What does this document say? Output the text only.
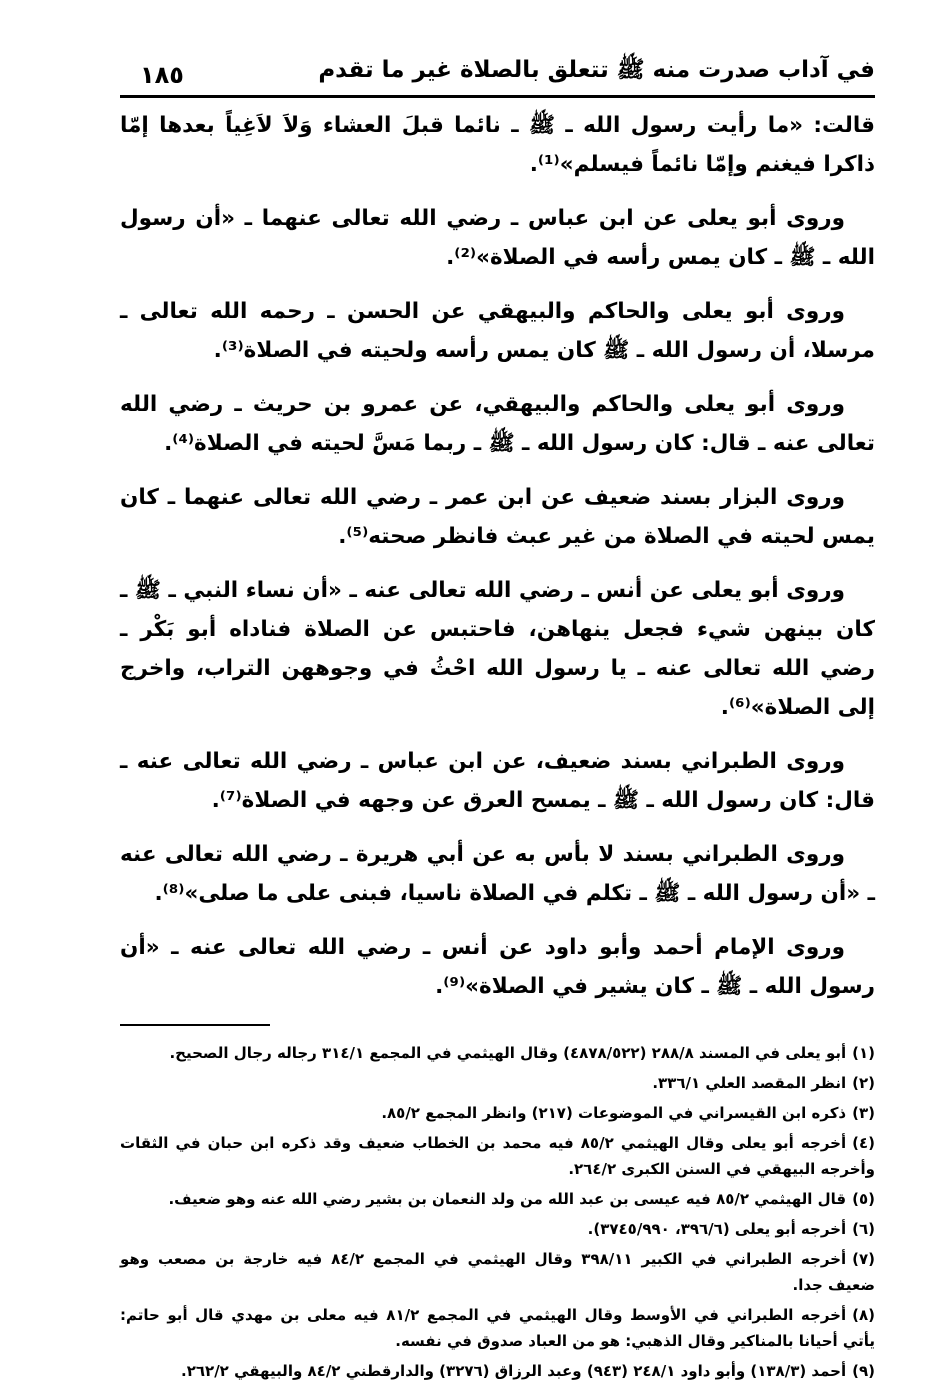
في آداب صدرت منه ﷺ تتعلق بالصلاة غير ما تقدم
١٨٥

قالت: «ما رأيت رسول الله ـ ﷺ ـ نائما قبلَ العشاء وَلاَ لاَغِياً بعدها إمّا ذاكرا فيغنم وإمّا نائماً فيسلم»⁽¹⁾.

وروى أبو يعلى عن ابن عباس ـ رضي الله تعالى عنهما ـ «أن رسول الله ـ ﷺ ـ كان يمس رأسه في الصلاة»⁽²⁾.

وروى أبو يعلى والحاكم والبيهقي عن الحسن ـ رحمه الله تعالى ـ مرسلا، أن رسول الله ـ ﷺ كان يمس رأسه ولحيته في الصلاة⁽³⁾.

وروى أبو يعلى والحاكم والبيهقي، عن عمرو بن حريث ـ رضي الله تعالى عنه ـ قال: كان رسول الله ـ ﷺ ـ ربما مَسَّ لحيته في الصلاة⁽⁴⁾.

وروى البزار بسند ضعيف عن ابن عمر ـ رضي الله تعالى عنهما ـ كان يمس لحيته في الصلاة من غير عبث فانظر صحته⁽⁵⁾.

وروى أبو يعلى عن أنس ـ رضي الله تعالى عنه ـ «أن نساء النبي ـ ﷺ ـ كان بينهن شيء فجعل ينهاهن، فاحتبس عن الصلاة فناداه أبو بَكْر ـ رضي الله تعالى عنه ـ يا رسول الله احْثُ في وجوههن التراب، واخرج إلى الصلاة»⁽⁶⁾.

وروى الطبراني بسند ضعيف، عن ابن عباس ـ رضي الله تعالى عنه ـ قال: كان رسول الله ـ ﷺ ـ يمسح العرق عن وجهه في الصلاة⁽⁷⁾.

وروى الطبراني بسند لا بأس به عن أبي هريرة ـ رضي الله تعالى عنه ـ «أن رسول الله ـ ﷺ ـ تكلم في الصلاة ناسيا، فبنى على ما صلى»⁽⁸⁾.

وروى الإمام أحمد وأبو داود عن أنس ـ رضي الله تعالى عنه ـ «أن رسول الله ـ ﷺ ـ كان يشير في الصلاة»⁽⁹⁾.

(١)أبو يعلى في المسند ٢٨٨/٨ (٤٨٧٨/٥٢٢) وقال الهيثمي في المجمع ٣١٤/١ رجاله رجال الصحيح.

(٢)انظر المقصد العلي ٣٣٦/١.

(٣)ذكره ابن القيسراني في الموضوعات (٢١٧) وانظر المجمع ٨٥/٢.

(٤)أخرجه أبو يعلى وقال الهيثمي ٨٥/٢ فيه محمد بن الخطاب ضعيف وقد ذكره ابن حبان في الثقات وأخرجه البيهقي في السنن الكبرى ٢٦٤/٢.

(٥)قال الهيثمي ٨٥/٢ فيه عيسى بن عبد الله من ولد النعمان بن بشير رضي الله عنه وهو ضعيف.

(٦)أخرجه أبو يعلى (٣٩٦/٦، ٣٧٤٥/٩٩٠).

(٧)أخرجه الطبراني في الكبير ٣٩٨/١١ وقال الهيثمي في المجمع ٨٤/٢ فيه خارجة بن مصعب وهو ضعيف جدا.

(٨)أخرجه الطبراني في الأوسط وقال الهيثمي في المجمع ٨١/٢ فيه معلى بن مهدي قال أبو حاتم: يأتي أحيانا بالمناكير وقال الذهبي: هو من العباد صدوق في نفسه.

(٩)أحمد (١٣٨/٣) وأبو داود ٢٤٨/١ (٩٤٣) وعبد الرزاق (٣٢٧٦) والدارقطني ٨٤/٢ والبيهقي ٢٦٢/٢.
